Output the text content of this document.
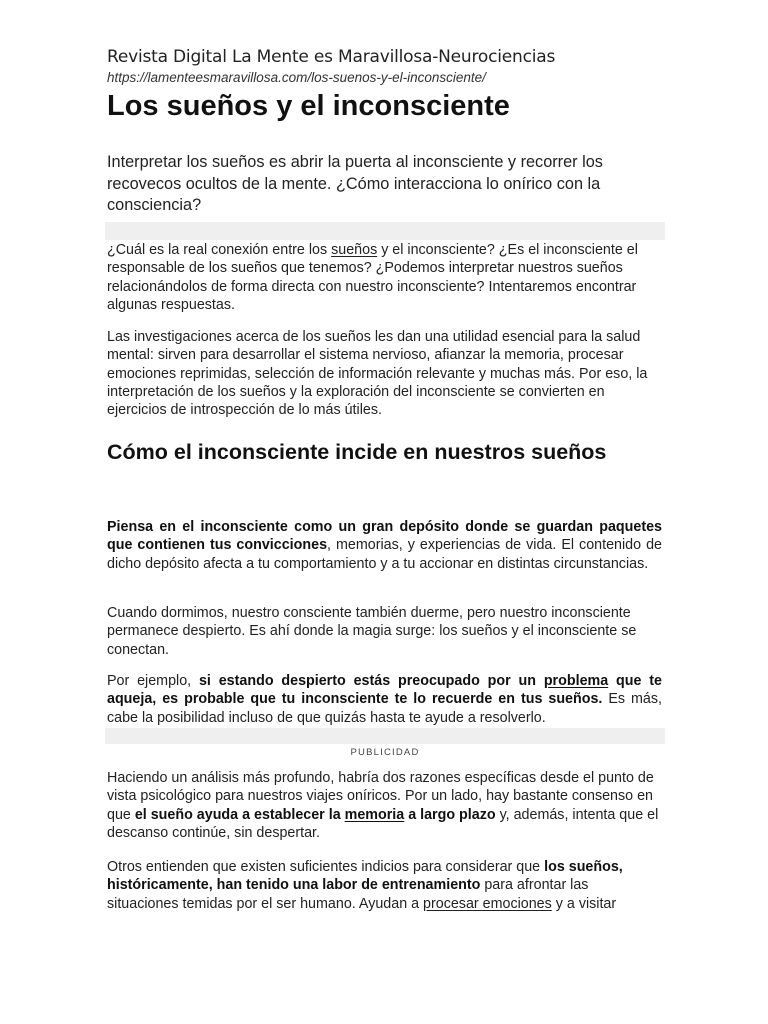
Revista Digital La Mente es Maravillosa-Neurociencias
https://lamenteesmaravillosa.com/los-suenos-y-el-inconsciente/
Los sueños y el inconsciente
Interpretar los sueños es abrir la puerta al inconsciente y recorrer los recovecos ocultos de la mente. ¿Cómo interacciona lo onírico con la consciencia?

¿Cuál es la real conexión entre los sueños y el inconsciente? ¿Es el inconsciente el responsable de los sueños que tenemos? ¿Podemos interpretar nuestros sueños relacionándolos de forma directa con nuestro inconsciente? Intentaremos encontrar algunas respuestas.

Las investigaciones acerca de los sueños les dan una utilidad esencial para la salud mental: sirven para desarrollar el sistema nervioso, afianzar la memoria, procesar emociones reprimidas, selección de información relevante y muchas más. Por eso, la interpretación de los sueños y la exploración del inconsciente se convierten en ejercicios de introspección de lo más útiles.

Cómo el inconsciente incide en nuestros sueños

Piensa en el inconsciente como un gran depósito donde se guardan paquetes que contienen tus convicciones, memorias, y experiencias de vida. El contenido de dicho depósito afecta a tu comportamiento y a tu accionar en distintas circunstancias.

Cuando dormimos, nuestro consciente también duerme, pero nuestro inconsciente permanece despierto. Es ahí donde la magia surge: los sueños y el inconsciente se conectan.

Por ejemplo, si estando despierto estás preocupado por un problema que te aqueja, es probable que tu inconsciente te lo recuerde en tus sueños. Es más, cabe la posibilidad incluso de que quizás hasta te ayude a resolverlo.

PUBLICIDAD

Haciendo un análisis más profundo, habría dos razones específicas desde el punto de vista psicológico para nuestros viajes oníricos. Por un lado, hay bastante consenso en que el sueño ayuda a establecer la memoria a largo plazo y, además, intenta que el descanso continúe, sin despertar.

Otros entienden que existen suficientes indicios para considerar que los sueños, históricamente, han tenido una labor de entrenamiento para afrontar las situaciones temidas por el ser humano. Ayudan a procesar emociones y a visitar
